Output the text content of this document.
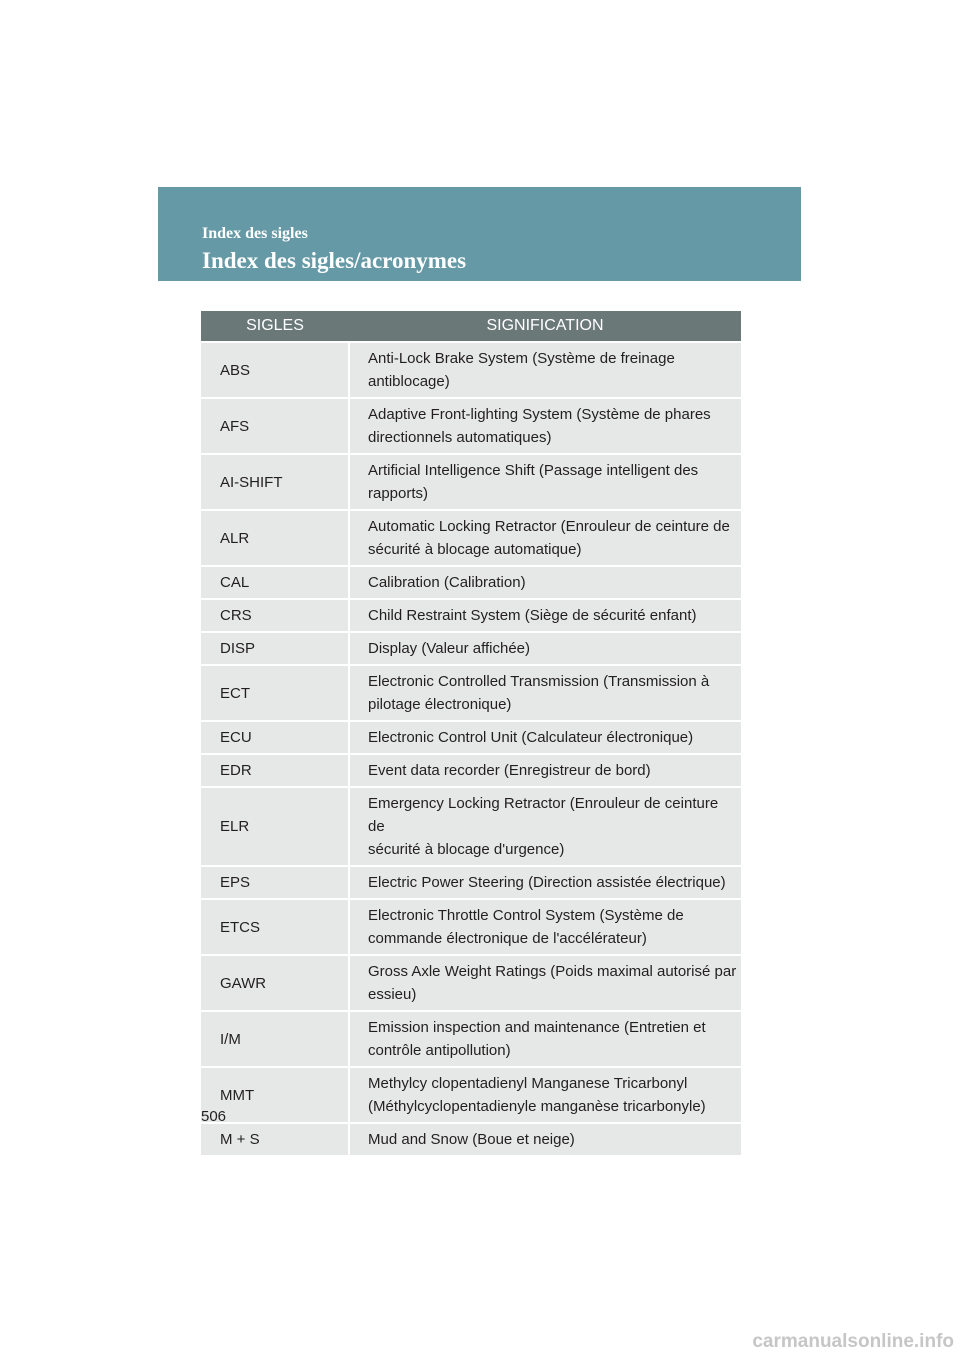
Index des sigles
Index des sigles/acronymes
SIGLES	SIGNIFICATION
ABS	Anti-Lock Brake System (Système de freinage
antiblocage)

AFS	Adaptive Front-lighting System (Système de phares
directionnels automatiques)

AI-SHIFT	Artificial Intelligence Shift (Passage intelligent des
rapports)

ALR	Automatic Locking Retractor (Enrouleur de ceinture de
sécurité à blocage automatique)

CAL	Calibration (Calibration)

CRS	Child Restraint System (Siège de sécurité enfant)

DISP	Display (Valeur affichée)

ECT	Electronic Controlled Transmission (Transmission à
pilotage électronique)

ECU	Electronic Control Unit (Calculateur électronique)

EDR	Event data recorder (Enregistreur de bord)

ELR	Emergency Locking Retractor (Enrouleur de ceinture de
sécurité à blocage d'urgence)

EPS	Electric Power Steering (Direction assistée électrique)

ETCS	Electronic Throttle Control System (Système de
commande électronique de l'accélérateur)

GAWR	Gross Axle Weight Ratings (Poids maximal autorisé par
essieu)

I/M	Emission inspection and maintenance (Entretien et
contrôle antipollution)

MMT	Methylcy clopentadienyl Manganese Tricarbonyl
(Méthylcyclopentadienyle manganèse tricarbonyle)

M + S	Mud and Snow (Boue et neige)
506
carmanualsonline.info
